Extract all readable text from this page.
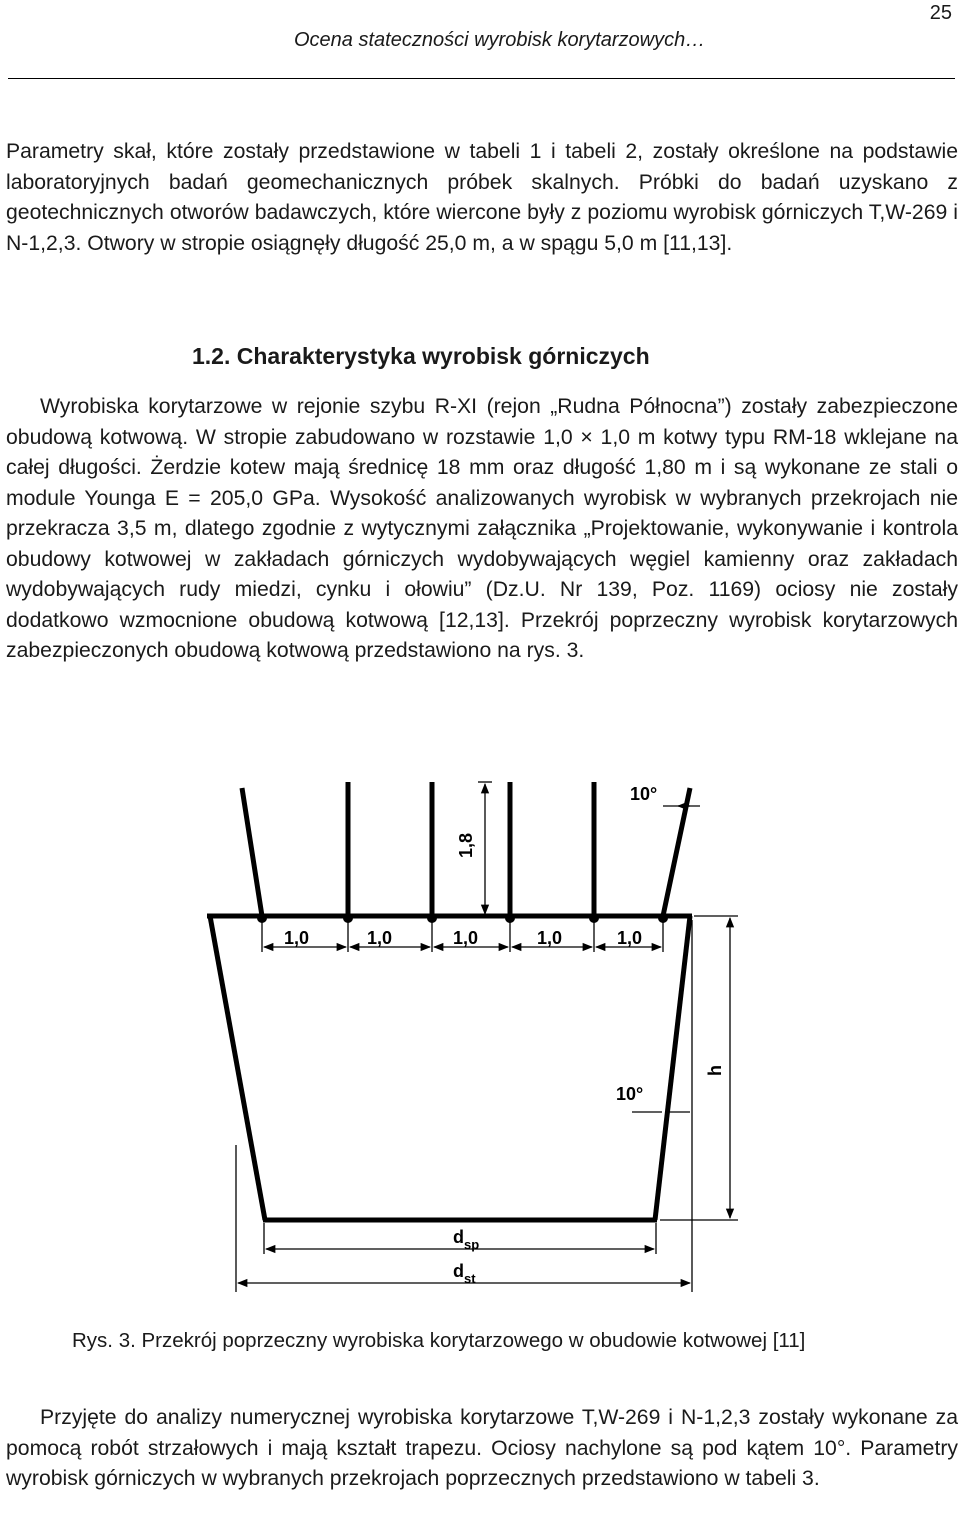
25
Ocena stateczności wyrobisk korytarzowych…

Parametry skał, które zostały przedstawione w tabeli 1 i tabeli 2, zostały określone na podstawie laboratoryjnych badań geomechanicznych próbek skalnych. Próbki do badań uzyskano z geotechnicznych otworów badawczych, które wiercone były z poziomu wyrobisk górniczych T,W-269 i N-1,2,3. Otwory w stropie osiągnęły długość 25,0 m, a w spągu 5,0 m [11,13].

1.2. Charakterystyka wyrobisk górniczych

Wyrobiska korytarzowe w rejonie szybu R-XI (rejon „Rudna Północna”) zostały zabezpieczone obudową kotwową. W stropie zabudowano w rozstawie 1,0 × 1,0 m kotwy typu RM-18 wklejane na całej długości. Żerdzie kotew mają średnicę 18 mm oraz długość 1,80 m i są wykonane ze stali o module Younga E = 205,0 GPa. Wysokość analizowanych wyrobisk w wybranych przekrojach nie przekracza 3,5 m, dlatego zgodnie z wytycznymi załącznika „Projektowanie, wykonywanie i kontrola obudowy kotwowej w zakładach górniczych wydobywających węgiel kamienny oraz zakładach wydobywających rudy miedzi, cynku i ołowiu” (Dz.U. Nr 139, Poz. 1169) ociosy nie zostały dodatkowo wzmocnione obudową kotwową [12,13]. Przekrój poprzeczny wyrobisk korytarzowych zabezpieczonych obudową kotwową przedstawiono na rys. 3.

1,0	1,0	1,0	1,0	1,0
1,8
10°
10°
h
$d_{sp}$
$d_{st}$

Rys. 3. Przekrój poprzeczny wyrobiska korytarzowego w obudowie kotwowej [11]

Przyjęte do analizy numerycznej wyrobiska korytarzowe T,W-269 i N-1,2,3 zostały wykonane za pomocą robót strzałowych i mają kształt trapezu. Ociosy nachylone są pod kątem 10°. Parametry wyrobisk górniczych w wybranych przekrojach poprzecznych przedstawiono w tabeli 3.
